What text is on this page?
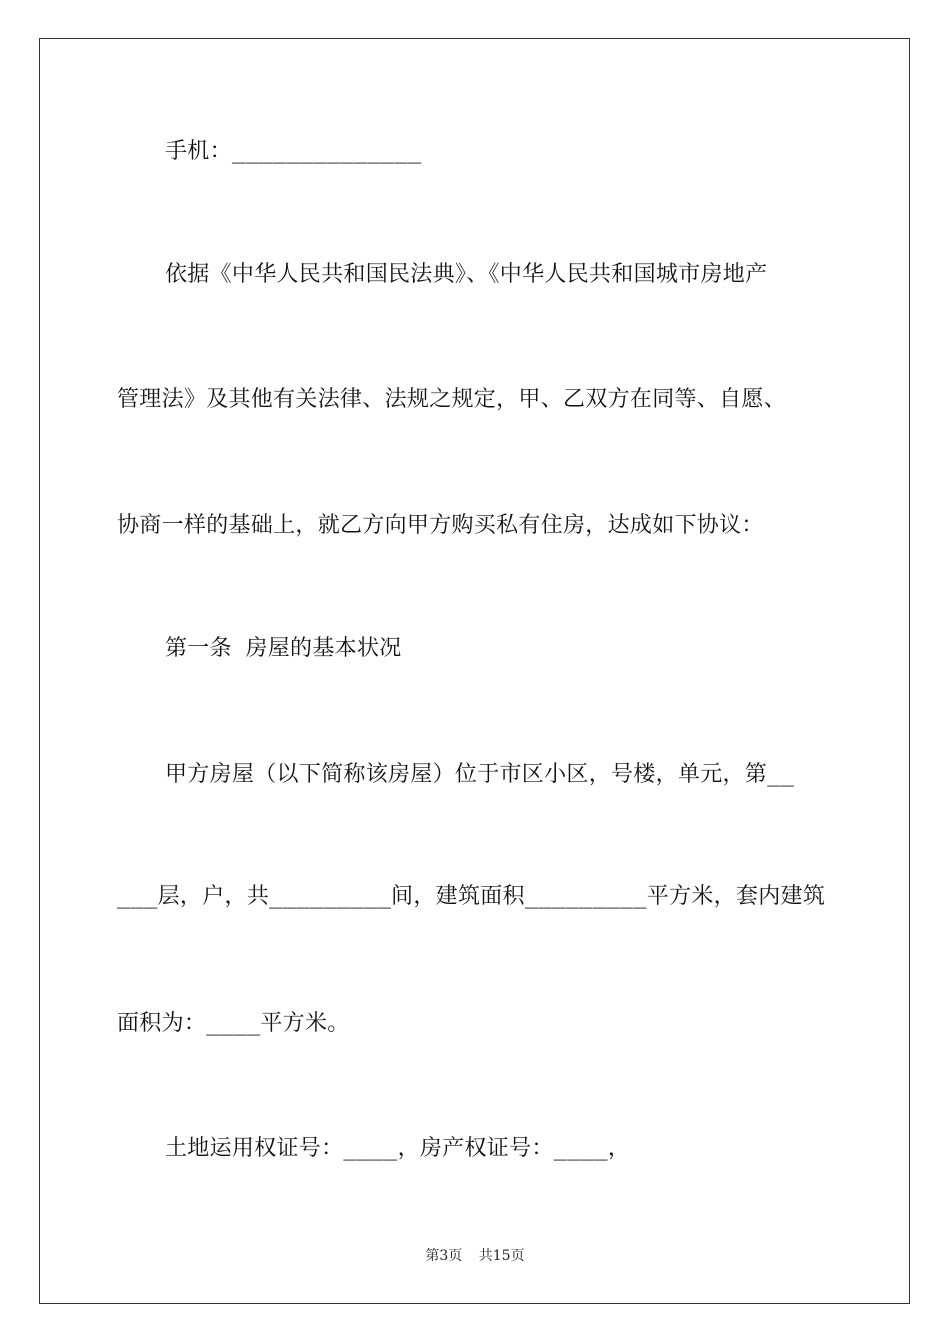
手机：______________
依据《中华人民共和国民法典》、《中华人民共和国城市房地产
管理法》及其他有关法律、法规之规定，甲、乙双方在同等、自愿、
协商一样的基础上，就乙方向甲方购买私有住房，达成如下协议：
第一条 房屋的基本状况
甲方房屋（以下简称该房屋）位于市区小区，号楼，单元，第__
___层，户，共_________间，建筑面积_________平方米，套内建筑
面积为：____平方米。
土地运用权证号：____，房产权证号：____，
第3页 共15页
